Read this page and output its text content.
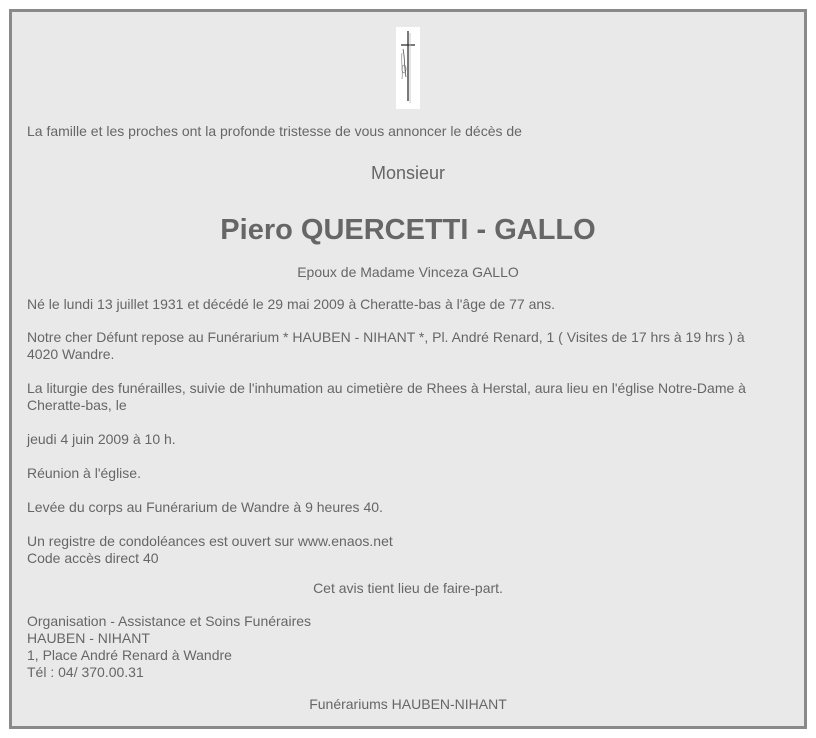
La famille et les proches ont la profonde tristesse de vous annoncer le décès de

Monsieur

Piero QUERCETTI - GALLO

Epoux de Madame Vinceza GALLO

Né le lundi 13 juillet 1931 et décédé le 29 mai 2009 à Cheratte-bas à l'âge de 77 ans.

Notre cher Défunt repose au Funérarium * HAUBEN - NIHANT *, Pl. André Renard, 1 ( Visites de 17 hrs à 19 hrs ) à

4020 Wandre.

La liturgie des funérailles, suivie de l'inhumation au cimetière de Rhees à Herstal, aura lieu en l'église Notre-Dame à

Cheratte-bas, le

jeudi 4 juin 2009 à 10 h.

Réunion à l'église.

Levée du corps au Funérarium de Wandre à 9 heures 40.

Un registre de condoléances est ouvert sur www.enaos.net

Code accès direct 40

Cet avis tient lieu de faire-part.

Organisation - Assistance et Soins Funéraires

HAUBEN - NIHANT

1, Place André Renard à Wandre

Tél : 04/ 370.00.31

Funérariums HAUBEN-NIHANT
